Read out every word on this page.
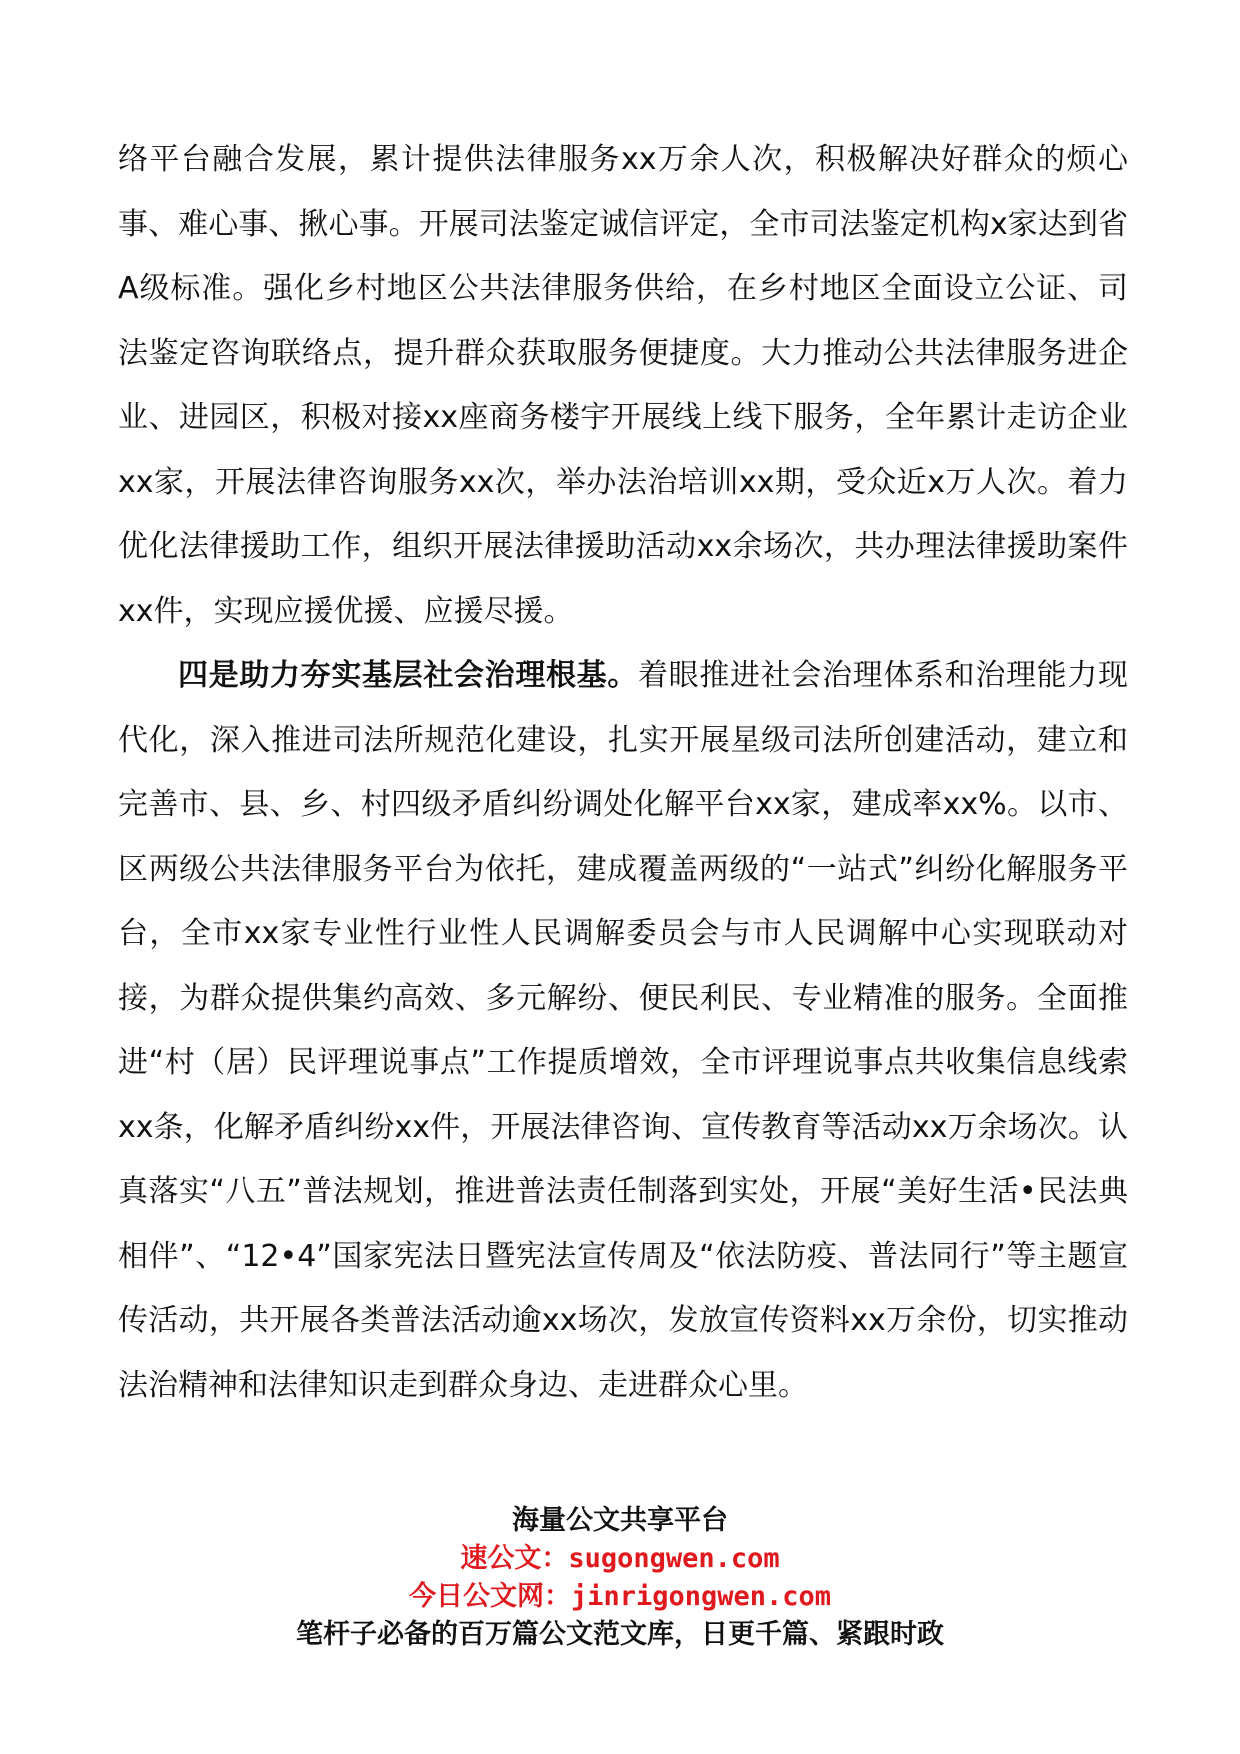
络平台融合发展，累计提供法律服务xx万余人次，积极解决好群众的烦心事、难心事、揪心事。开展司法鉴定诚信评定，全市司法鉴定机构x家达到省A级标准。强化乡村地区公共法律服务供给，在乡村地区全面设立公证、司法鉴定咨询联络点，提升群众获取服务便捷度。大力推动公共法律服务进企业、进园区，积极对接xx座商务楼宇开展线上线下服务，全年累计走访企业xx家，开展法律咨询服务xx次，举办法治培训xx期，受众近x万人次。着力优化法律援助工作，组织开展法律援助活动xx余场次，共办理法律援助案件xx件，实现应援优援、应援尽援。

四是助力夯实基层社会治理根基。着眼推进社会治理体系和治理能力现代化，深入推进司法所规范化建设，扎实开展星级司法所创建活动，建立和完善市、县、乡、村四级矛盾纠纷调处化解平台xx家，建成率xx%。以市、区两级公共法律服务平台为依托，建成覆盖两级的“一站式”纠纷化解服务平台，全市xx家专业性行业性人民调解委员会与市人民调解中心实现联动对接，为群众提供集约高效、多元解纷、便民利民、专业精准的服务。全面推进“村（居）民评理说事点”工作提质增效，全市评理说事点共收集信息线索xx条，化解矛盾纠纷xx件，开展法律咨询、宣传教育等活动xx万余场次。认真落实“八五”普法规划，推进普法责任制落到实处，开展“美好生活•民法典相伴”、“12•4”国家宪法日暨宪法宣传周及“依法防疫、普法同行”等主题宣传活动，共开展各类普法活动逾xx场次，发放宣传资料xx万余份，切实推动法治精神和法律知识走到群众身边、走进群众心里。

海量公文共享平台
速公文：sugongwen.com
今日公文网：jinrigongwen.com
笔杆子必备的百万篇公文范文库，日更千篇、紧跟时政
